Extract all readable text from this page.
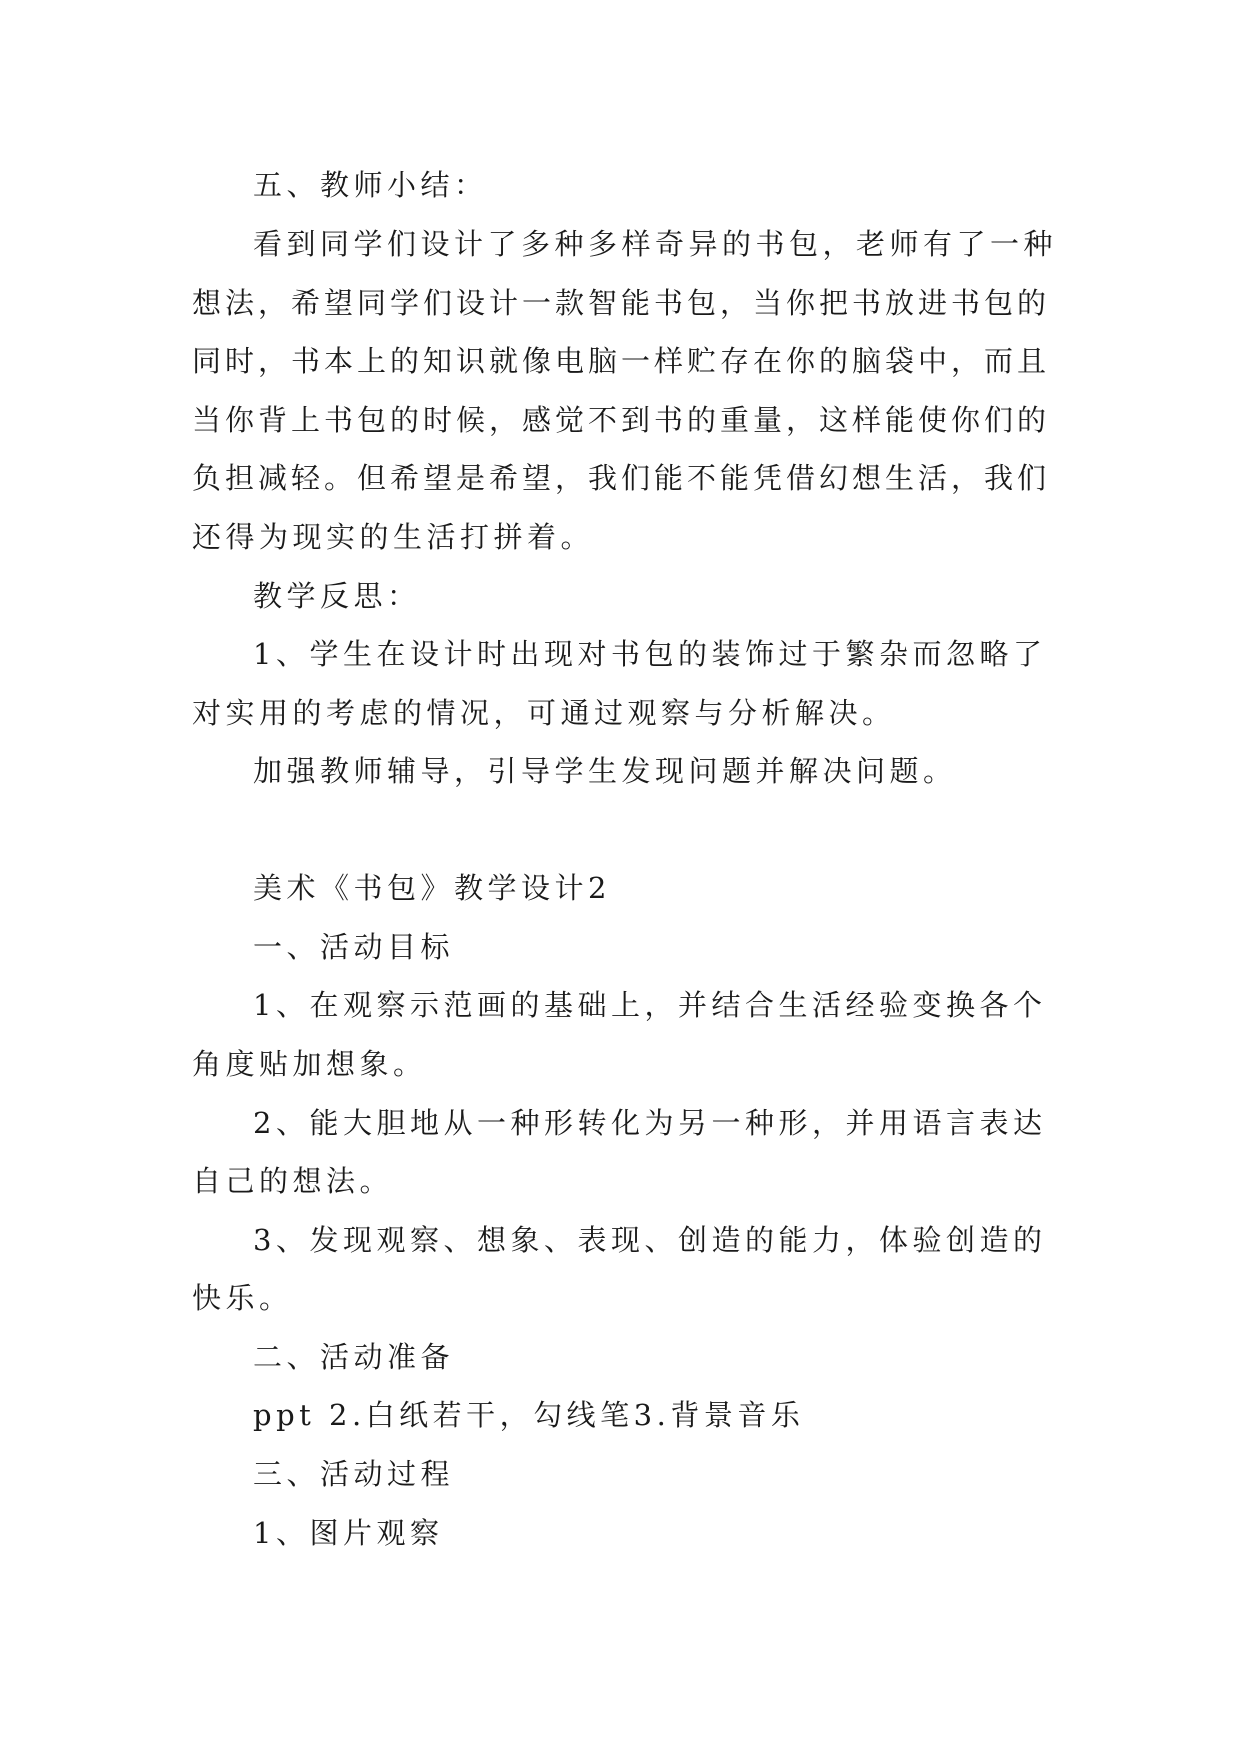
五、教师小结：
看到同学们设计了多种多样奇异的书包，老师有了一种
想法，希望同学们设计一款智能书包，当你把书放进书包的
同时，书本上的知识就像电脑一样贮存在你的脑袋中，而且
当你背上书包的时候，感觉不到书的重量，这样能使你们的
负担减轻。但希望是希望，我们能不能凭借幻想生活，我们
还得为现实的生活打拼着。
教学反思：
1、学生在设计时出现对书包的装饰过于繁杂而忽略了
对实用的考虑的情况，可通过观察与分析解决。
加强教师辅导，引导学生发现问题并解决问题。
美术《书包》教学设计2
一、活动目标
1、在观察示范画的基础上，并结合生活经验变换各个
角度贴加想象。
2、能大胆地从一种形转化为另一种形，并用语言表达
自己的想法。
3、发现观察、想象、表现、创造的能力，体验创造的
快乐。
二、活动准备
ppt 2.白纸若干，勾线笔3.背景音乐
三、活动过程
1、图片观察
